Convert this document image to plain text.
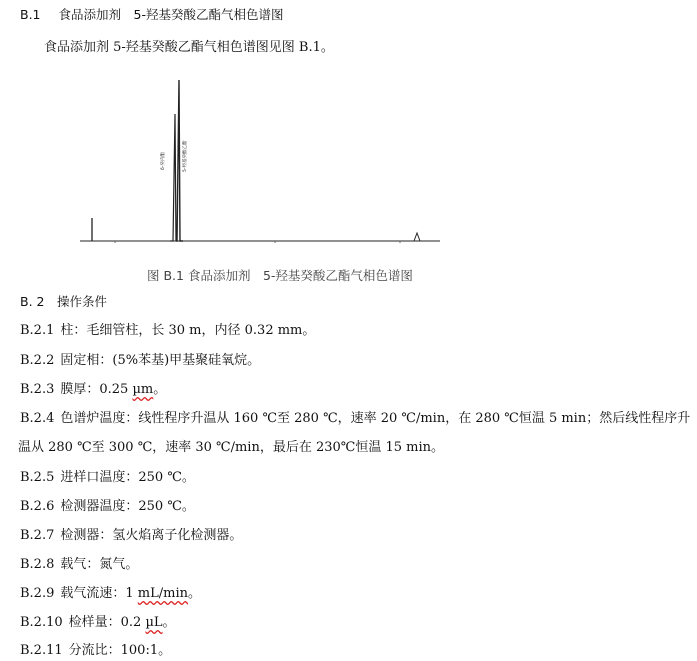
B.1 食品添加剂　5-羟基癸酸乙酯气相色谱图
食品添加剂 5-羟基癸酸乙酯气相色谱图见图 B.1。
δ-癸内酯	5-羟基癸酸乙酯
图 B.1 食品添加剂　5-羟基癸酸乙酯气相色谱图
B. 2　操作条件
B.2.1 柱：毛细管柱，长 30 m，内径 0.32 mm。
B.2.2 固定相：(5%苯基)甲基聚硅氧烷。
B.2.3 膜厚：0.25 µm。
B.2.4 色谱炉温度：线性程序升温从 160 ℃至 280 ℃，速率 20 ℃/min，在 280 ℃恒温 5 min；然后线性程序升
温从 280 ℃至 300 ℃，速率 30 ℃/min，最后在 230℃恒温 15 min。
B.2.5 进样口温度：250 ℃。
B.2.6 检测器温度：250 ℃。
B.2.7 检测器：氢火焰离子化检测器。
B.2.8 载气：氮气。
B.2.9 载气流速：1 mL/min。
B.2.10 检样量：0.2 µL。
B.2.11 分流比：100:1。
